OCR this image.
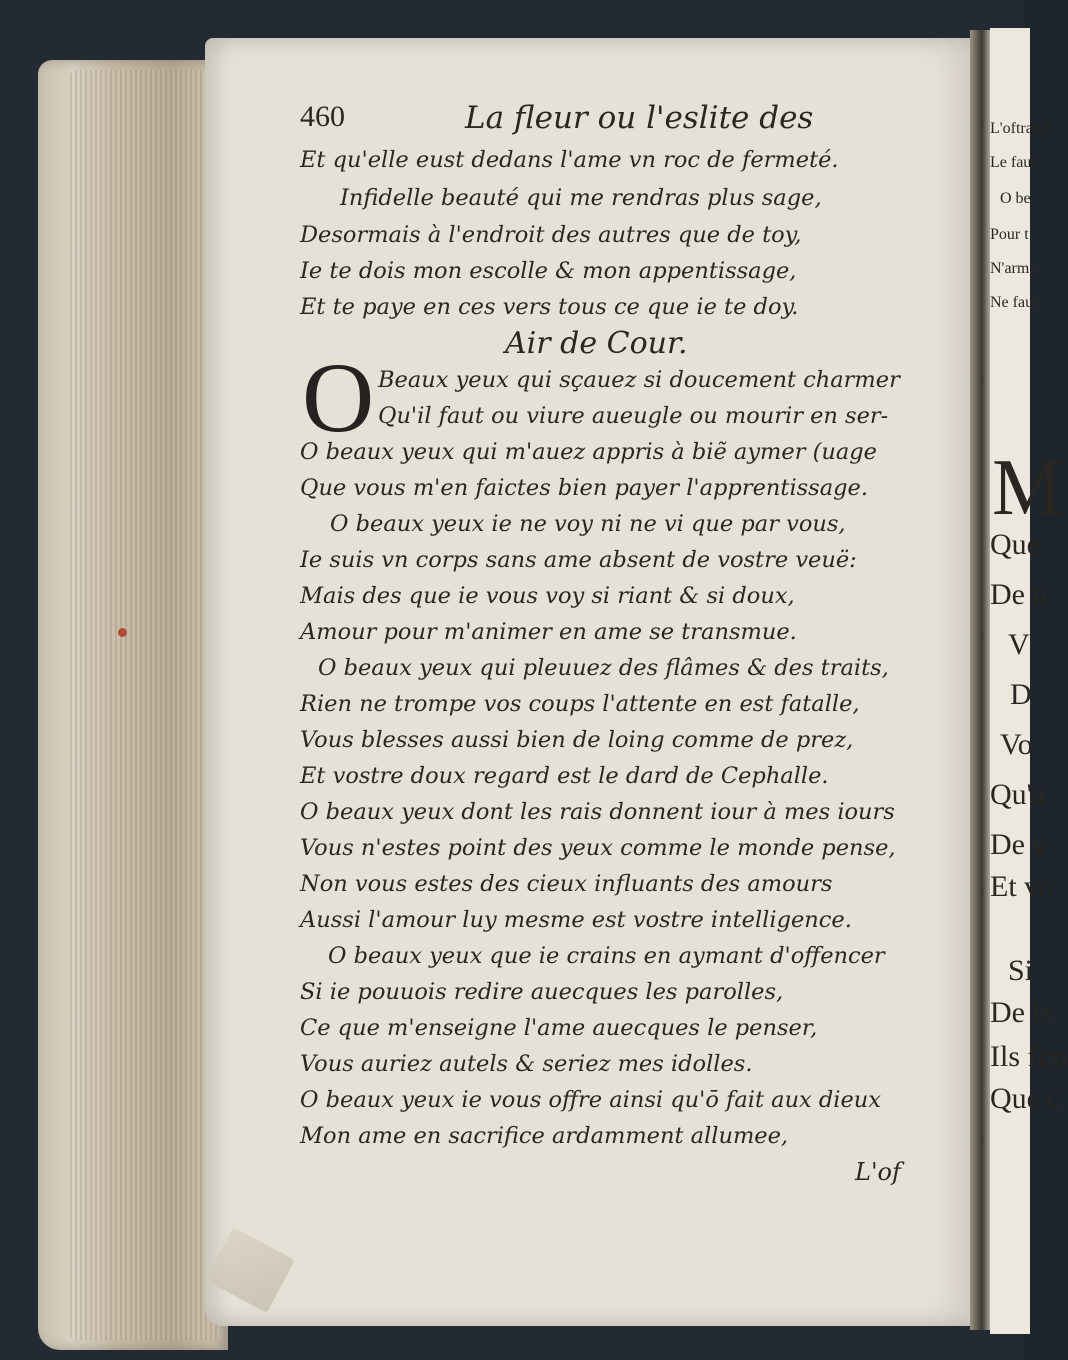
L'oftrand
Le faut
O be
Pour t
N'arme
Ne faut
M
Que
De n
V
D
Vo
Qu'a
De v
Et vo
Si
De le
Ils fon
Que c
460	La fleur ou l'eslite des
Et qu'elle eust dedans l'ame vn roc de fermeté.
Infidelle beauté qui me rendras plus sage,
Desormais à l'endroit des autres que de toy,
Ie te dois mon escolle & mon appentissage,
Et te paye en ces vers tous ce que ie te doy.
Air de Cour.
O Beaux yeux qui sçauez si doucement charmer
Qu'il faut ou viure aueugle ou mourir en ser-
O beaux yeux qui m'auez appris à biẽ aymer (uage
Que vous m'en faictes bien payer l'apprentissage.
O beaux yeux ie ne voy ni ne vi que par vous,
Ie suis vn corps sans ame absent de vostre veuë:
Mais des que ie vous voy si riant & si doux,
Amour pour m'animer en ame se transmue.
O beaux yeux qui pleuuez des flâmes & des traits,
Rien ne trompe vos coups l'attente en est fatalle,
Vous blesses aussi bien de loing comme de prez,
Et vostre doux regard est le dard de Cephalle.
O beaux yeux dont les rais donnent iour à mes iours
Vous n'estes point des yeux comme le monde pense,
Non vous estes des cieux influants des amours
Aussi l'amour luy mesme est vostre intelligence.
O beaux yeux que ie crains en aymant d'offencer
Si ie pouuois redire auecques les parolles,
Ce que m'enseigne l'ame auecques le penser,
Vous auriez autels & seriez mes idolles.
O beaux yeux ie vous offre ainsi qu'ō fait aux dieux
Mon ame en sacrifice ardamment allumee,
L'of
